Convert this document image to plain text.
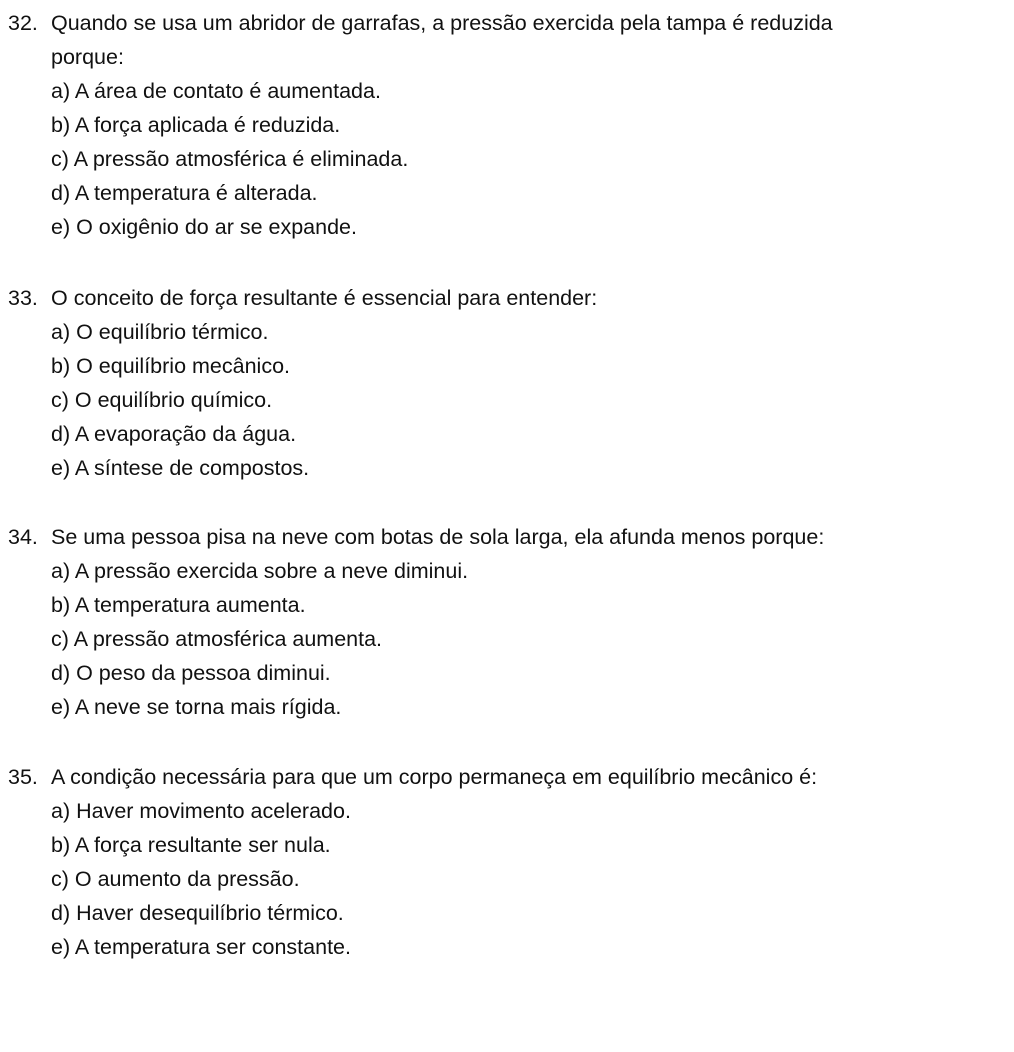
32. Quando se usa um abridor de garrafas, a pressão exercida pela tampa é reduzida
porque:
a) A área de contato é aumentada.
b) A força aplicada é reduzida.
c) A pressão atmosférica é eliminada.
d) A temperatura é alterada.
e) O oxigênio do ar se expande.
33. O conceito de força resultante é essencial para entender:
a) O equilíbrio térmico.
b) O equilíbrio mecânico.
c) O equilíbrio químico.
d) A evaporação da água.
e) A síntese de compostos.
34. Se uma pessoa pisa na neve com botas de sola larga, ela afunda menos porque:
a) A pressão exercida sobre a neve diminui.
b) A temperatura aumenta.
c) A pressão atmosférica aumenta.
d) O peso da pessoa diminui.
e) A neve se torna mais rígida.
35. A condição necessária para que um corpo permaneça em equilíbrio mecânico é:
a) Haver movimento acelerado.
b) A força resultante ser nula.
c) O aumento da pressão.
d) Haver desequilíbrio térmico.
e) A temperatura ser constante.
